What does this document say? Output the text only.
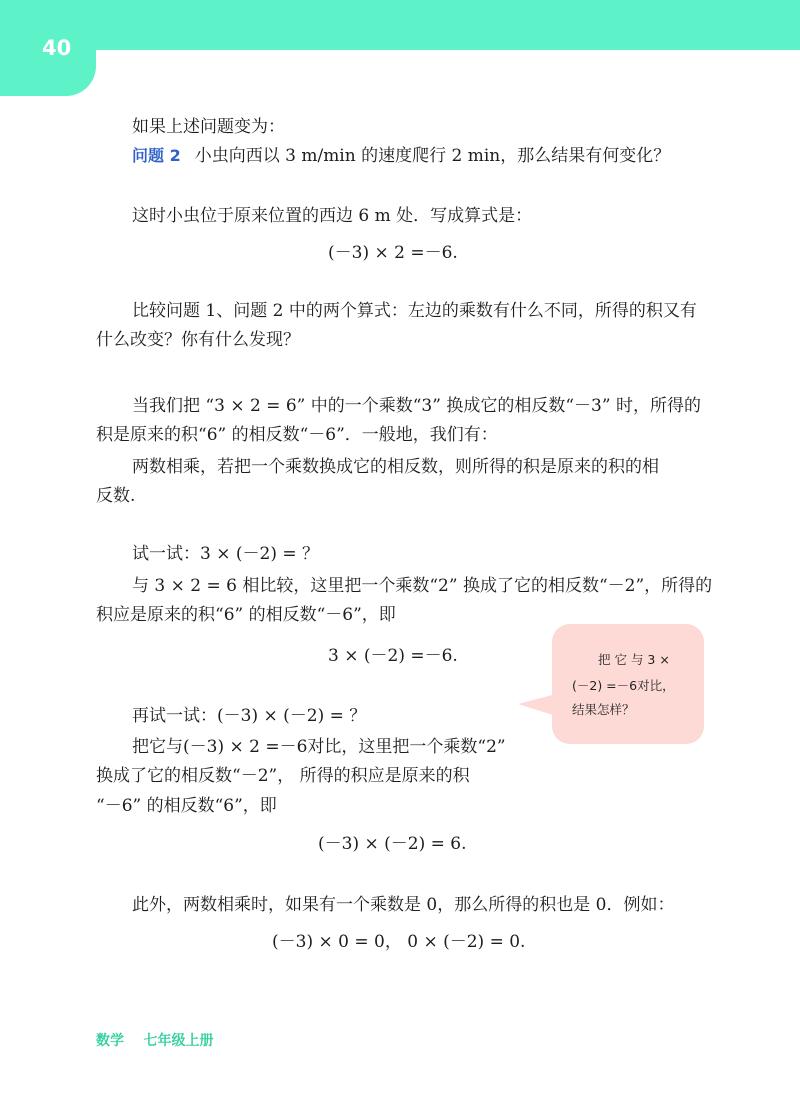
40
如果上述问题变为：
问题 2 小虫向西以 3 m/min 的速度爬行 2 min，那么结果有何变化？
这时小虫位于原来位置的西边 6 m 处．写成算式是：
(－3) × 2 =－6.
比较问题 1、问题 2 中的两个算式：左边的乘数有什么不同，所得的积又有
什么改变？你有什么发现？
当我们把 “3 × 2 = 6” 中的一个乘数“3” 换成它的相反数“－3” 时，所得的
积是原来的积“6” 的相反数“－6”．一般地，我们有：
两数相乘，若把一个乘数换成它的相反数，则所得的积是原来的积的相
反数.
试一试：3 × (－2) = ？
与 3 × 2 = 6 相比较，这里把一个乘数“2” 换成了它的相反数“－2”，所得的
积应是原来的积“6” 的相反数“－6”，即
3 × (－2) =－6.
再试一试：(－3) × (－2) = ？
把它与(－3) × 2 =－6对比，这里把一个乘数“2”
换成了它的相反数“－2”， 所得的积应是原来的积
“－6” 的相反数“6”，即
(－3) × (－2) = 6.
此外，两数相乘时，如果有一个乘数是 0，那么所得的积也是 0．例如：
(－3) × 0 = 0， 0 × (－2) = 0.
把 它 与 3 ×
(－2) =－6对比，
结果怎样？
数学    七年级上册
